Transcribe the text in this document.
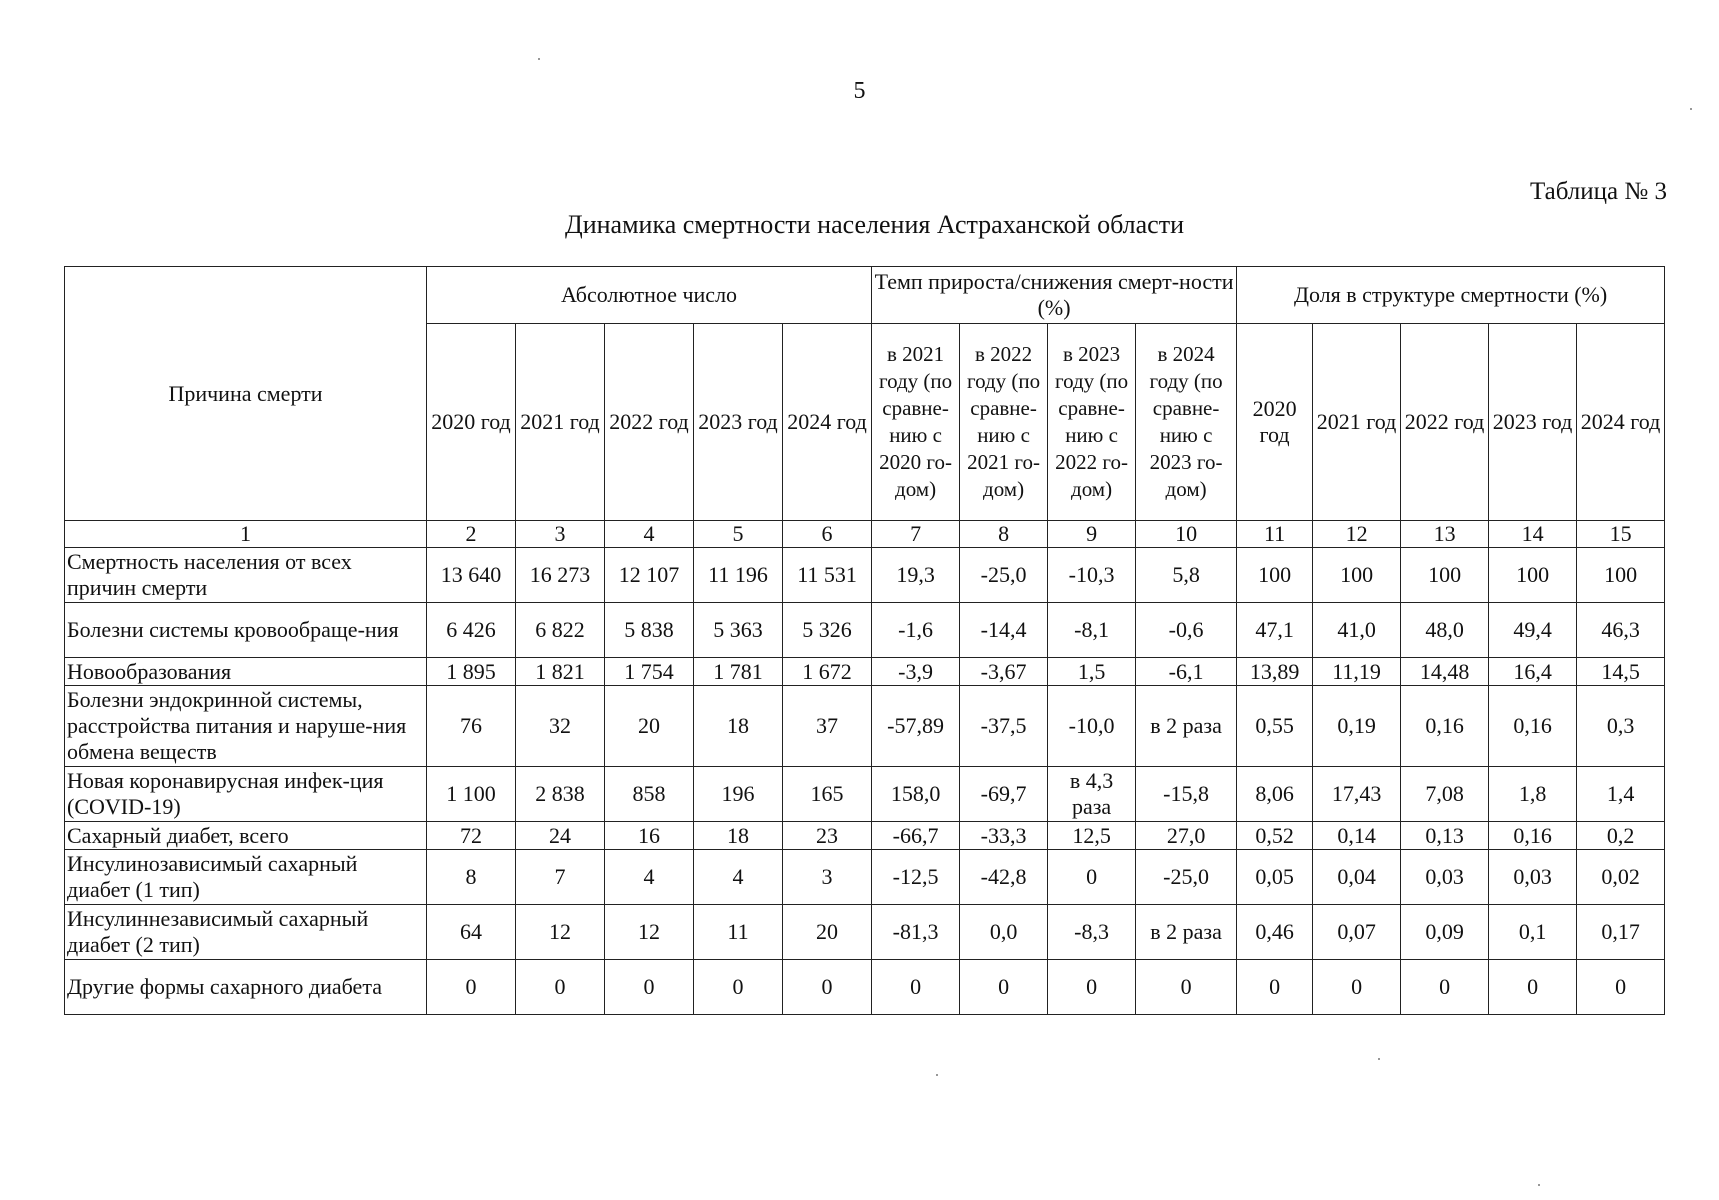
5
Таблица № 3
Динамика смертности населения Астраханской области
Причина смерти	Абсолютное число					Темп прироста/снижения смерт-ности (%)				Доля в структуре смертности (%)				
	2020 год	2021 год	2022 год	2023 год	2024 год	в 2021 году (по сравне-нию с 2020 го-дом)	в 2022 году (по сравне-нию с 2021 го-дом)	в 2023 году (по сравне-нию с 2022 го-дом)	в 2024 году (по сравне-нию с 2023 го-дом)	2020 год	2021 год	2022 год	2023 год	2024 год
1	2	3	4	5	6	7	8	9	10	11	12	13	14	15
Смертность населения от всех причин смерти	13 640	16 273	12 107	11 196	11 531	19,3	-25,0	-10,3	5,8	100	100	100	100	100
Болезни системы кровообраще-ния	6 426	6 822	5 838	5 363	5 326	-1,6	-14,4	-8,1	-0,6	47,1	41,0	48,0	49,4	46,3
Новообразования	1 895	1 821	1 754	1 781	1 672	-3,9	-3,67	1,5	-6,1	13,89	11,19	14,48	16,4	14,5
Болезни эндокринной системы, расстройства питания и наруше-ния обмена веществ	76	32	20	18	37	-57,89	-37,5	-10,0	в 2 раза	0,55	0,19	0,16	0,16	0,3
Новая коронавирусная инфек-ция (COVID-19)	1 100	2 838	858	196	165	158,0	-69,7	в 4,3 раза	-15,8	8,06	17,43	7,08	1,8	1,4
Сахарный диабет, всего	72	24	16	18	23	-66,7	-33,3	12,5	27,0	0,52	0,14	0,13	0,16	0,2
Инсулинозависимый сахарный диабет (1 тип)	8	7	4	4	3	-12,5	-42,8	0	-25,0	0,05	0,04	0,03	0,03	0,02
Инсулиннезависимый сахарный диабет (2 тип)	64	12	12	11	20	-81,3	0,0	-8,3	в 2 раза	0,46	0,07	0,09	0,1	0,17
Другие формы сахарного диабета	0	0	0	0	0	0	0	0	0	0	0	0	0	0
